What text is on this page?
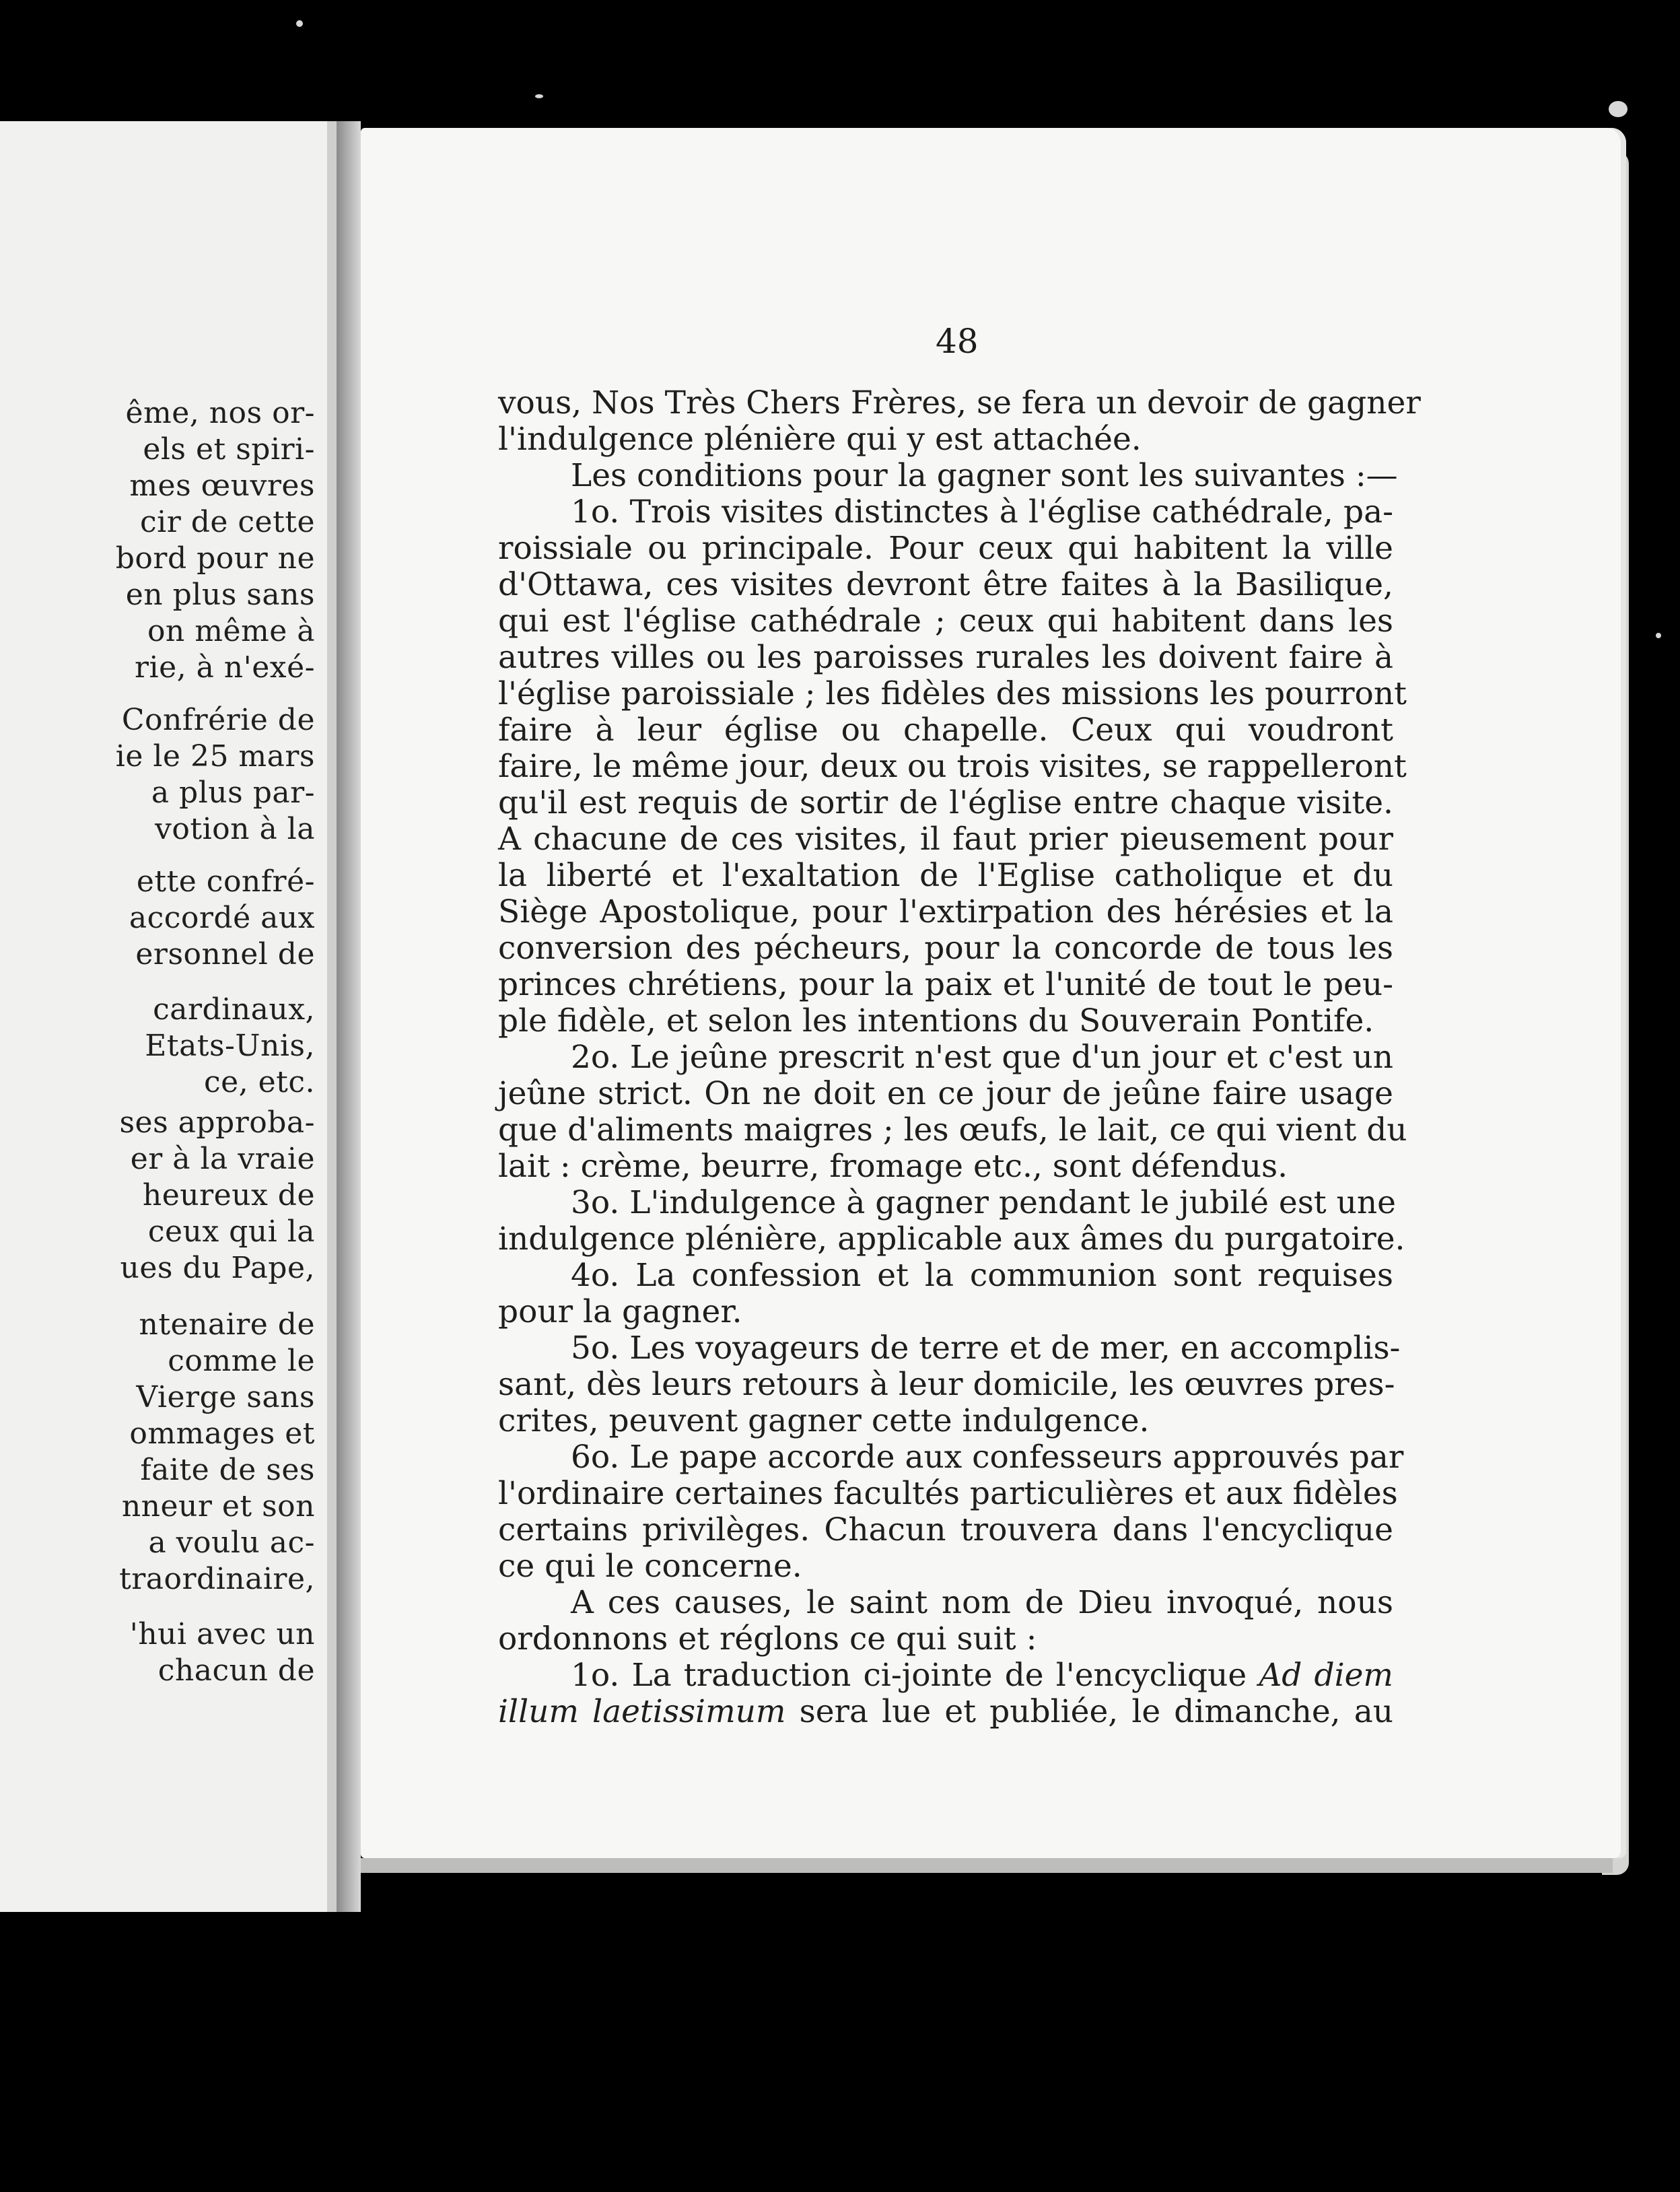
ême, nos or-
els et spiri-
mes œuvres
cir de cette
bord pour ne
en plus sans
on même à
rie, à n'exé-
Confrérie de
ie le 25 mars
a plus par-
votion à la
ette confré-
accordé aux
ersonnel de
cardinaux,
Etats-Unis,
ce, etc.
ses approba-
er à la vraie
heureux de
ceux qui la
ues du Pape,
ntenaire de
comme le
Vierge sans
ommages et
faite de ses
nneur et son
a voulu ac-
traordinaire,
'hui avec un
chacun de
48
vous, Nos Très Chers Frères, se fera un devoir de gagner
l'indulgence plénière qui y est attachée.
Les conditions pour la gagner sont les suivantes :—
1o. Trois visites distinctes à l'église cathédrale, pa-
roissiale ou principale. Pour ceux qui habitent la ville
d'Ottawa, ces visites devront être faites à la Basilique,
qui est l'église cathédrale ; ceux qui habitent dans les
autres villes ou les paroisses rurales les doivent faire à
l'église paroissiale ; les fidèles des missions les pourront
faire à leur église ou chapelle. Ceux qui voudront
faire, le même jour, deux ou trois visites, se rappelleront
qu'il est requis de sortir de l'église entre chaque visite.
A chacune de ces visites, il faut prier pieusement pour
la liberté et l'exaltation de l'Eglise catholique et du
Siège Apostolique, pour l'extirpation des hérésies et la
conversion des pécheurs, pour la concorde de tous les
princes chrétiens, pour la paix et l'unité de tout le peu-
ple fidèle, et selon les intentions du Souverain Pontife.
2o. Le jeûne prescrit n'est que d'un jour et c'est un
jeûne strict. On ne doit en ce jour de jeûne faire usage
que d'aliments maigres ; les œufs, le lait, ce qui vient du
lait : crème, beurre, fromage etc., sont défendus.
3o. L'indulgence à gagner pendant le jubilé est une
indulgence plénière, applicable aux âmes du purgatoire.
4o. La confession et la communion sont requises
pour la gagner.
5o. Les voyageurs de terre et de mer, en accomplis-
sant, dès leurs retours à leur domicile, les œuvres pres-
crites, peuvent gagner cette indulgence.
6o. Le pape accorde aux confesseurs approuvés par
l'ordinaire certaines facultés particulières et aux fidèles
certains privilèges. Chacun trouvera dans l'encyclique
ce qui le concerne.
A ces causes, le saint nom de Dieu invoqué, nous
ordonnons et réglons ce qui suit :
1o. La traduction ci-jointe de l'encyclique Ad diem
illum laetissimum sera lue et publiée, le dimanche, au
